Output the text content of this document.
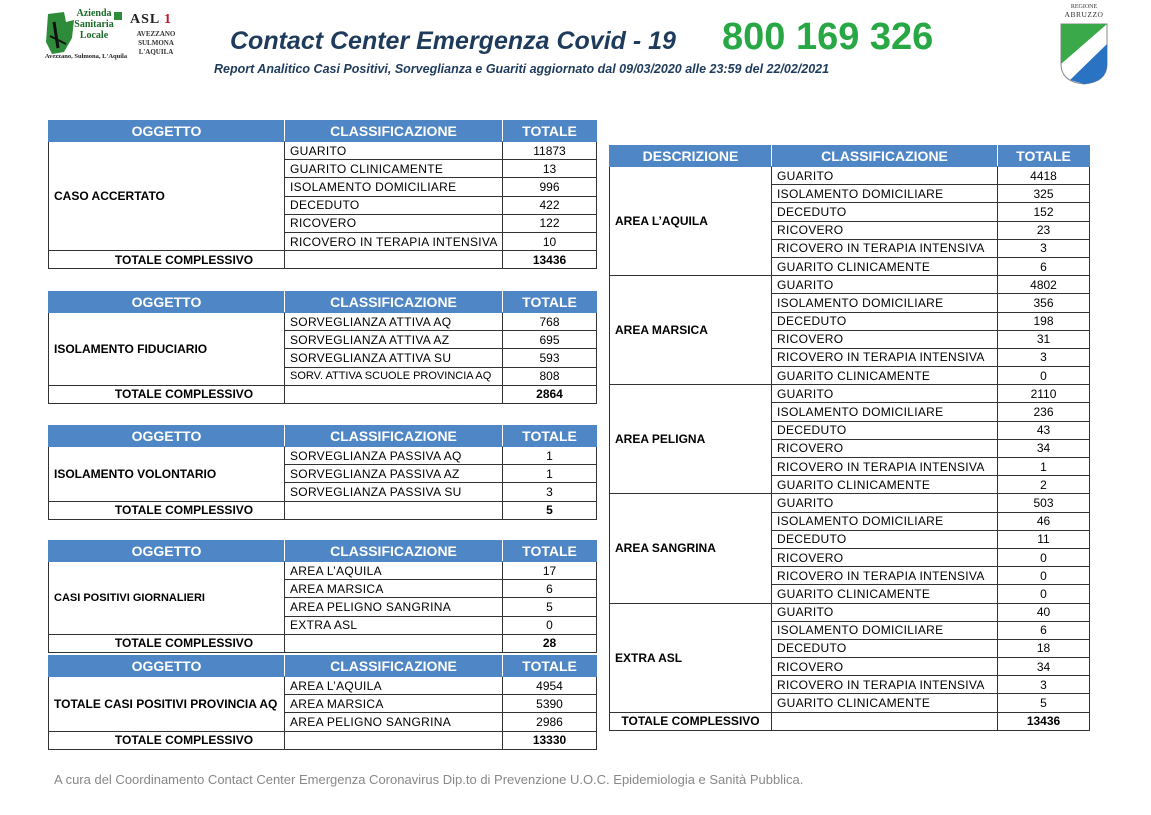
Azienda
Sanitaria
Locale
Avezzano, Sulmona, L'Aquila
ASL 1
AVEZZANO
SULMONA
L'AQUILA Contact Center Emergenza Covid - 19 800 169 326
Report Analitico Casi Positivi, Sorveglianza e Guariti aggiornato dal 09/03/2020 alle 23:59 del 22/02/2021
REGIONE
ABRUZZO
OGGETTO	CLASSIFICAZIONE	TOTALE
CASO ACCERTATO	GUARITO	11873
	GUARITO CLINICAMENTE	13
	ISOLAMENTO DOMICILIARE	996
	DECEDUTO	422
	RICOVERO	122
	RICOVERO IN TERAPIA INTENSIVA	10
TOTALE COMPLESSIVO		13436
OGGETTO	CLASSIFICAZIONE	TOTALE
ISOLAMENTO FIDUCIARIO	SORVEGLIANZA ATTIVA AQ	768
	SORVEGLIANZA ATTIVA AZ	695
	SORVEGLIANZA ATTIVA SU	593
	SORV. ATTIVA SCUOLE PROVINCIA AQ	808
TOTALE COMPLESSIVO		2864
OGGETTO	CLASSIFICAZIONE	TOTALE
ISOLAMENTO VOLONTARIO	SORVEGLIANZA PASSIVA AQ	1
	SORVEGLIANZA PASSIVA AZ	1
	SORVEGLIANZA PASSIVA SU	3
TOTALE COMPLESSIVO		5
OGGETTO	CLASSIFICAZIONE	TOTALE
CASI POSITIVI GIORNALIERI	AREA L’AQUILA	17
	AREA MARSICA	6
	AREA PELIGNO SANGRINA	5
	EXTRA ASL	0
TOTALE COMPLESSIVO		28
OGGETTO	CLASSIFICAZIONE	TOTALE
TOTALE CASI POSITIVI PROVINCIA AQ	AREA L’AQUILA	4954
	AREA MARSICA	5390
	AREA PELIGNO SANGRINA	2986
TOTALE COMPLESSIVO		13330
DESCRIZIONE	CLASSIFICAZIONE	TOTALE
AREA L’AQUILA	GUARITO	4418
	ISOLAMENTO DOMICILIARE	325
	DECEDUTO	152
	RICOVERO	23
	RICOVERO IN TERAPIA INTENSIVA	3
	GUARITO CLINICAMENTE	6
AREA MARSICA	GUARITO	4802
	ISOLAMENTO DOMICILIARE	356
	DECEDUTO	198
	RICOVERO	31
	RICOVERO IN TERAPIA INTENSIVA	3
	GUARITO CLINICAMENTE	0
AREA PELIGNA	GUARITO	2110
	ISOLAMENTO DOMICILIARE	236
	DECEDUTO	43
	RICOVERO	34
	RICOVERO IN TERAPIA INTENSIVA	1
	GUARITO CLINICAMENTE	2
AREA SANGRINA	GUARITO	503
	ISOLAMENTO DOMICILIARE	46
	DECEDUTO	11
	RICOVERO	0
	RICOVERO IN TERAPIA INTENSIVA	0
	GUARITO CLINICAMENTE	0
EXTRA ASL	GUARITO	40
	ISOLAMENTO DOMICILIARE	6
	DECEDUTO	18
	RICOVERO	34
	RICOVERO IN TERAPIA INTENSIVA	3
	GUARITO CLINICAMENTE	5
TOTALE COMPLESSIVO		13436
A cura del Coordinamento Contact Center Emergenza Coronavirus Dip.to di Prevenzione U.O.C. Epidemiologia e Sanità Pubblica.
